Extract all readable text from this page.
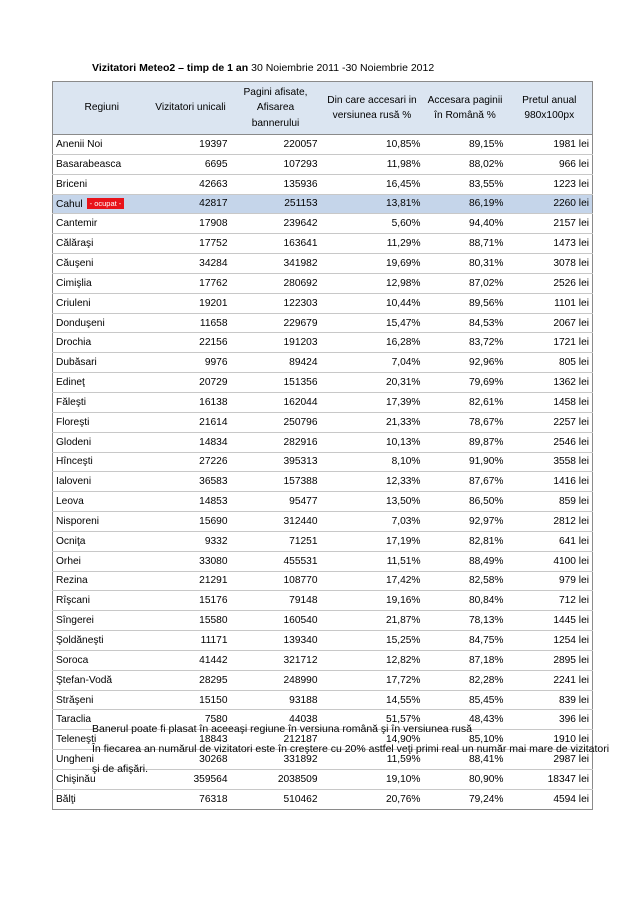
Vizitatori Meteo2 – timp de 1 an 30 Noiembrie 2011 -30 Noiembrie 2012
Regiuni	Vizitatori unicali	Pagini afisate, Afisarea bannerului	Din care accesari in versiunea rusă %	Accesara paginii în Română %	Pretul anual 980x100px
Anenii Noi	19397	220057	10,85%	89,15%	1981 lei
Basarabeasca	6695	107293	11,98%	88,02%	966 lei
Briceni	42663	135936	16,45%	83,55%	1223 lei
Cahul - ocupat -	42817	251153	13,81%	86,19%	2260 lei
Cantemir	17908	239642	5,60%	94,40%	2157 lei
Călăraşi	17752	163641	11,29%	88,71%	1473 lei
Căuşeni	34284	341982	19,69%	80,31%	3078 lei
Cimişlia	17762	280692	12,98%	87,02%	2526 lei
Criuleni	19201	122303	10,44%	89,56%	1101 lei
Donduşeni	11658	229679	15,47%	84,53%	2067 lei
Drochia	22156	191203	16,28%	83,72%	1721 lei
Dubăsari	9976	89424	7,04%	92,96%	805 lei
Edineţ	20729	151356	20,31%	79,69%	1362 lei
Făleşti	16138	162044	17,39%	82,61%	1458 lei
Floreşti	21614	250796	21,33%	78,67%	2257 lei
Glodeni	14834	282916	10,13%	89,87%	2546 lei
Hînceşti	27226	395313	8,10%	91,90%	3558 lei
Ialoveni	36583	157388	12,33%	87,67%	1416 lei
Leova	14853	95477	13,50%	86,50%	859 lei
Nisporeni	15690	312440	7,03%	92,97%	2812 lei
Ocniţa	9332	71251	17,19%	82,81%	641 lei
Orhei	33080	455531	11,51%	88,49%	4100 lei
Rezina	21291	108770	17,42%	82,58%	979 lei
Rîşcani	15176	79148	19,16%	80,84%	712 lei
Sîngerei	15580	160540	21,87%	78,13%	1445 lei
Şoldăneşti	11171	139340	15,25%	84,75%	1254 lei
Soroca	41442	321712	12,82%	87,18%	2895 lei
Ştefan-Vodă	28295	248990	17,72%	82,28%	2241 lei
Străşeni	15150	93188	14,55%	85,45%	839 lei
Taraclia	7580	44038	51,57%	48,43%	396 lei
Teleneşti	18843	212187	14,90%	85,10%	1910 lei
Ungheni	30268	331892	11,59%	88,41%	2987 lei
Chişinău	359564	2038509	19,10%	80,90%	18347 lei
Bălţi	76318	510462	20,76%	79,24%	4594 lei

Banerul poate fi plasat în aceeaşi regiune în versiuna română şi în versiunea rusă

În fiecarea an numărul de vizitatori este în creştere cu 20% astfel veţi primi real un număr mai mare de vizitatori şi de afişări.
